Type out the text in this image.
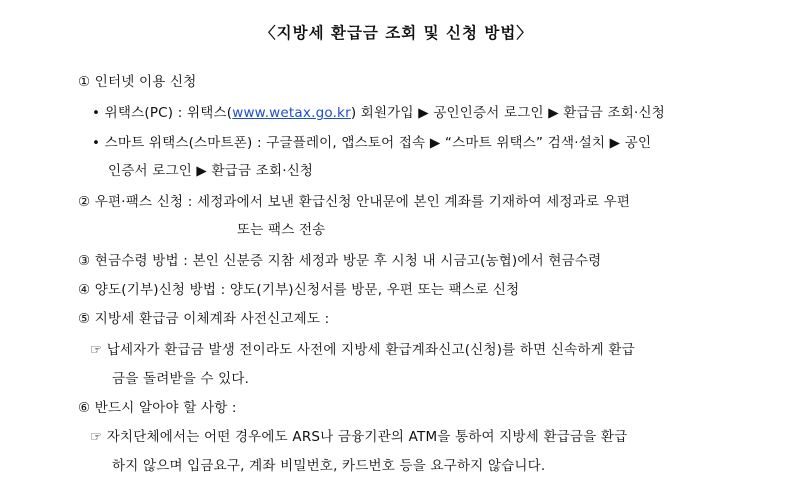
〈지방세 환급금 조회 및 신청 방법〉
① 인터넷 이용 신청
• 위택스(PC) : 위택스(www.wetax.go.kr) 회원가입 ▶ 공인인증서 로그인 ▶ 환급금 조회·신청
• 스마트 위택스(스마트폰) : 구글플레이, 앱스토어 접속 ▶ “스마트 위택스” 검색·설치 ▶ 공인
인증서 로그인 ▶ 환급금 조회·신청
② 우편·팩스 신청 : 세정과에서 보낸 환급신청 안내문에 본인 계좌를 기재하여 세정과로 우편
또는 팩스 전송
③ 현금수령 방법 : 본인 신분증 지참 세정과 방문 후 시청 내 시금고(농협)에서 현금수령
④ 양도(기부)신청 방법 : 양도(기부)신청서를 방문, 우편 또는 팩스로 신청
⑤ 지방세 환급금 이체계좌 사전신고제도 :
☞ 납세자가 환급금 발생 전이라도 사전에 지방세 환급계좌신고(신청)를 하면 신속하게 환급
금을 돌려받을 수 있다.
⑥ 반드시 알아야 할 사항 :
☞ 자치단체에서는 어떤 경우에도 ARS나 금융기관의 ATM을 통하여 지방세 환급금을 환급
하지 않으며 입금요구, 계좌 비밀번호, 카드번호 등을 요구하지 않습니다.
